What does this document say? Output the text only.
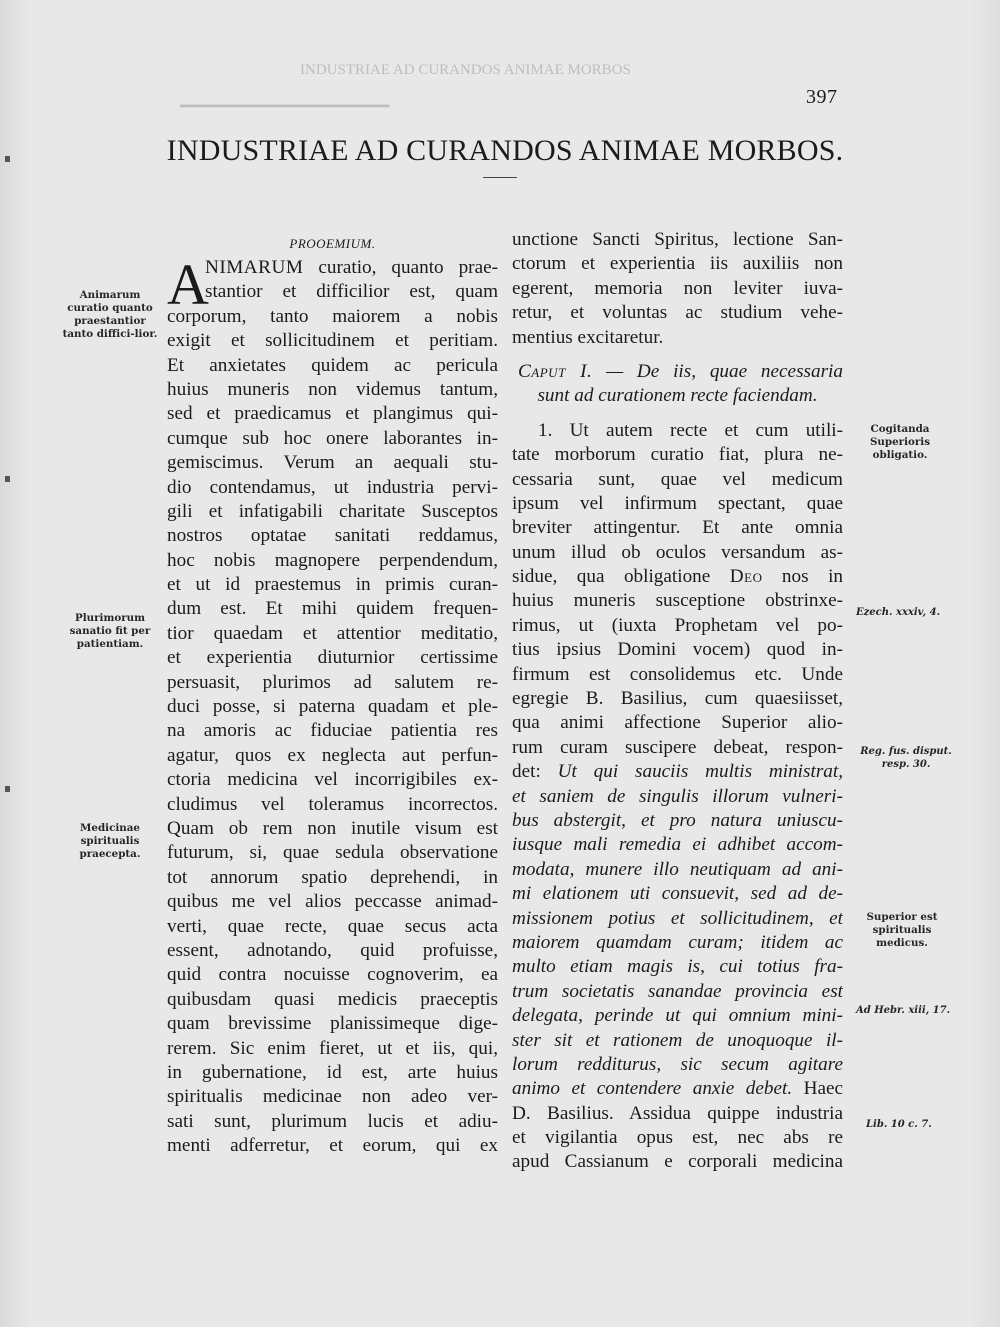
INDUSTRIAE AD CURANDOS ANIMAE MORBOS
▁▁▁▁▁▁▁▁▁▁▁▁▁▁▁▁	397
INDUSTRIAE AD CURANDOS ANIMAE MORBOS.
PROOEMIUM.
A
NIMARUM curatio, quanto prae-
stantior et difficilior est, quam
corporum, tanto maiorem a nobis
exigit et sollicitudinem et peritiam.
Et anxietates quidem ac pericula
huius muneris non videmus tantum,
sed et praedicamus et plangimus qui-
cumque sub hoc onere laborantes in-
gemiscimus. Verum an aequali stu-
dio contendamus, ut industria pervi-
gili et infatigabili charitate Susceptos
nostros optatae sanitati reddamus,
hoc nobis magnopere perpendendum,
et ut id praestemus in primis curan-
dum est. Et mihi quidem frequen-
tior quaedam et attentior meditatio,
et experientia diuturnior certissime
persuasit, plurimos ad salutem re-
duci posse, si paterna quadam et ple-
na amoris ac fiduciae patientia res
agatur, quos ex neglecta aut perfun-
ctoria medicina vel incorrigibiles ex-
cludimus vel toleramus incorrectos.
Quam ob rem non inutile visum est
futurum, si, quae sedula observatione
tot annorum spatio deprehendi, in
quibus me vel alios peccasse animad-
verti, quae recte, quae secus acta
essent, adnotando, quid profuisse,
quid contra nocuisse cognoverim, ea
quibusdam quasi medicis praeceptis
quam brevissime planissimeque dige-
rerem. Sic enim fieret, ut et iis, qui,
in gubernatione, id est, arte huius
spiritualis medicinae non adeo ver-
sati sunt, plurimum lucis et adiu-
menti adferretur, et eorum, qui ex
unctione Sancti Spiritus, lectione San-
ctorum et experientia iis auxiliis non
egerent, memoria non leviter iuva-
retur, et voluntas ac studium vehe-
mentius excitaretur.
Caput I. — De iis, quae necessaria
sunt ad curationem recte faciendam.
1. Ut autem recte et cum utili-
tate morborum curatio fiat, plura ne-
cessaria sunt, quae vel medicum
ipsum vel infirmum spectant, quae
breviter attingentur. Et ante omnia
unum illud ob oculos versandum as-
sidue, qua obligatione Deo nos in
huius muneris susceptione obstrinxe-
rimus, ut (iuxta Prophetam vel po-
tius ipsius Domini vocem) quod in-
firmum est consolidemus etc. Unde
egregie B. Basilius, cum quaesiisset,
qua animi affectione Superior alio-
rum curam suscipere debeat, respon-
det: Ut qui sauciis multis ministrat,
et saniem de singulis illorum vulneri-
bus abstergit, et pro natura uniuscu-
iusque mali remedia ei adhibet accom-
modata, munere illo neutiquam ad ani-
mi elationem uti consuevit, sed ad de-
missionem potius et sollicitudinem, et
maiorem quamdam curam; itidem ac
multo etiam magis is, cui totius fra-
trum societatis sanandae provincia est
delegata, perinde ut qui omnium mini-
ster sit et rationem de unoquoque il-
lorum redditurus, sic secum agitare
animo et contendere anxie debet. Haec
D. Basilius. Assidua quippe industria
et vigilantia opus est, nec abs re
apud Cassianum e corporali medicina
Animarum curatio quanto praestantior tanto diffici-lior.
Plurimorum sanatio fit per patientiam.
Medicinae spiritualis praecepta.
Cogitanda Superioris obligatio.
Ezech. xxxiv, 4.
Reg. fus. disput. resp. 30.
Superior est spiritualis medicus.
Ad Hebr. xiii, 17.
Lib. 10 c. 7.
